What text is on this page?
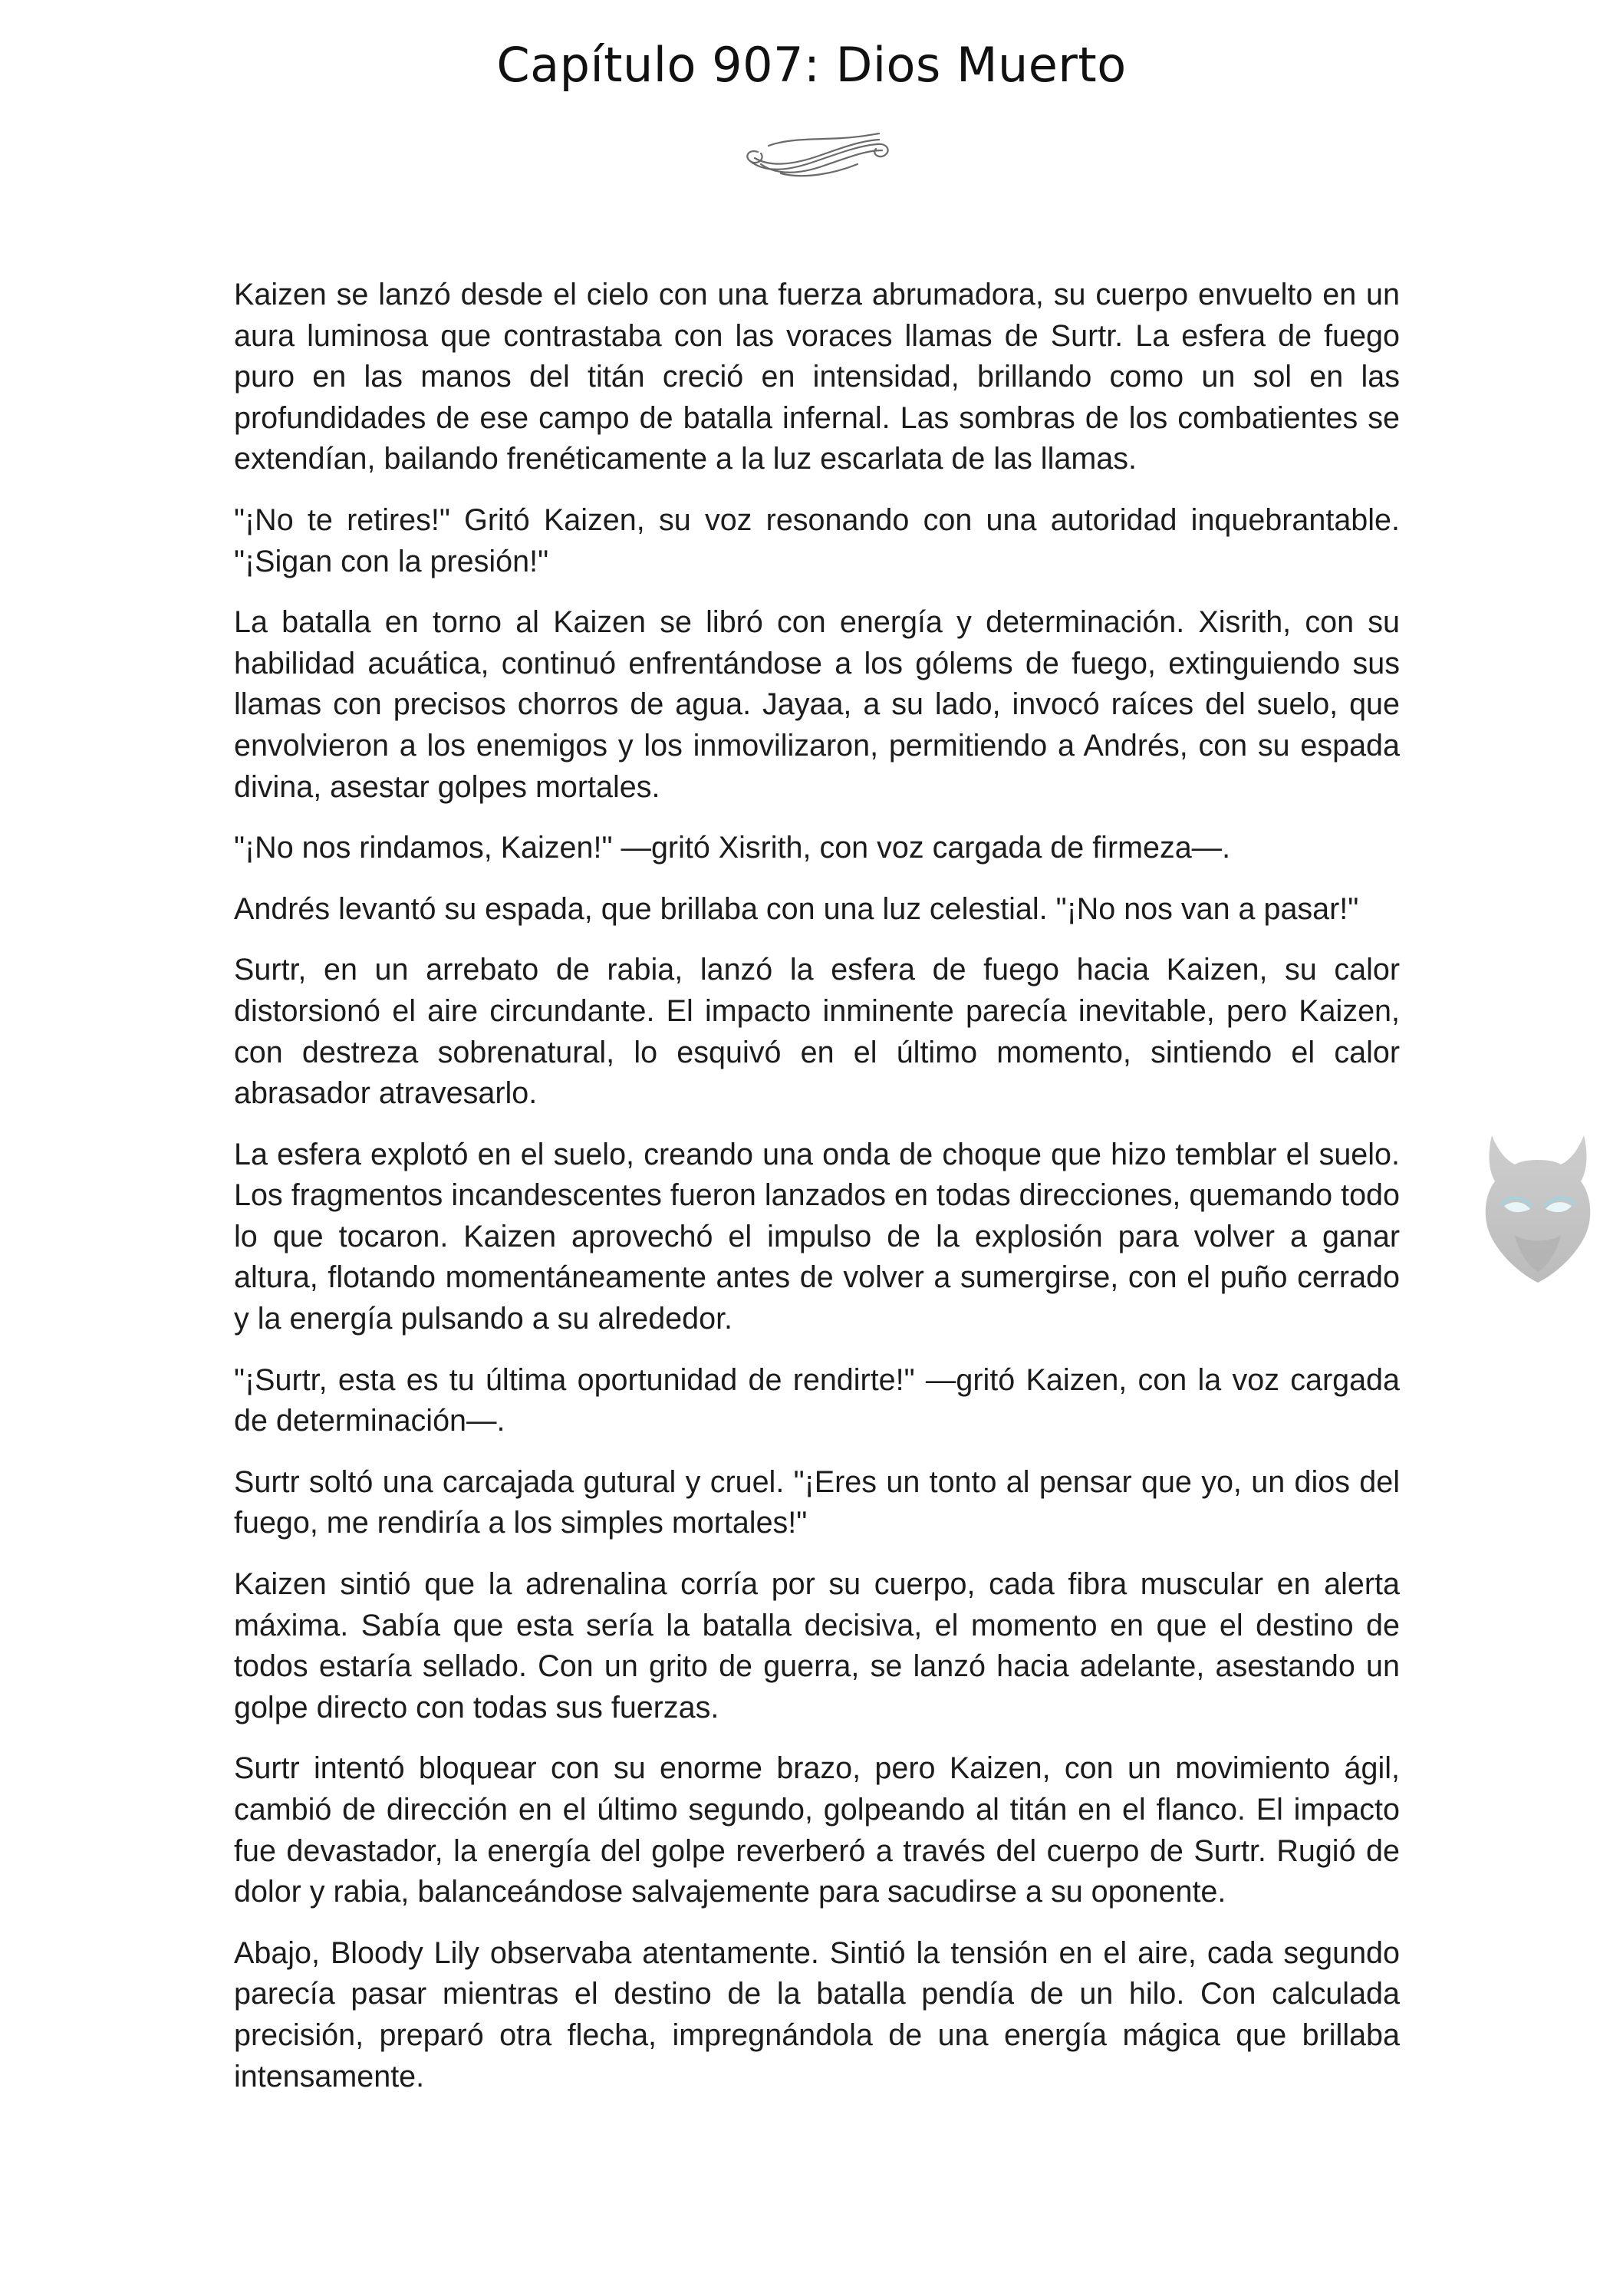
Capítulo 907: Dios Muerto

Kaizen se lanzó desde el cielo con una fuerza abrumadora, su cuerpo envuelto en un aura luminosa que contrastaba con las voraces llamas de Surtr. La esfera de fuego puro en las manos del titán creció en intensidad, brillando como un sol en las profundidades de ese campo de batalla infernal. Las sombras de los combatientes se extendían, bailando frenéticamente a la luz escarlata de las llamas.

"¡No te retires!" Gritó Kaizen, su voz resonando con una autoridad inquebrantable. "¡Sigan con la presión!"

La batalla en torno al Kaizen se libró con energía y determinación. Xisrith, con su habilidad acuática, continuó enfrentándose a los gólems de fuego, extinguiendo sus llamas con precisos chorros de agua. Jayaa, a su lado, invocó raíces del suelo, que envolvieron a los enemigos y los inmovilizaron, permitiendo a Andrés, con su espada divina, asestar golpes mortales.

"¡No nos rindamos, Kaizen!" —gritó Xisrith, con voz cargada de firmeza—.

Andrés levantó su espada, que brillaba con una luz celestial. "¡No nos van a pasar!"

Surtr, en un arrebato de rabia, lanzó la esfera de fuego hacia Kaizen, su calor distorsionó el aire circundante. El impacto inminente parecía inevitable, pero Kaizen, con destreza sobrenatural, lo esquivó en el último momento, sintiendo el calor abrasador atravesarlo.

La esfera explotó en el suelo, creando una onda de choque que hizo temblar el suelo. Los fragmentos incandescentes fueron lanzados en todas direcciones, quemando todo lo que tocaron. Kaizen aprovechó el impulso de la explosión para volver a ganar altura, flotando momentáneamente antes de volver a sumergirse, con el puño cerrado y la energía pulsando a su alrededor.

"¡Surtr, esta es tu última oportunidad de rendirte!" —gritó Kaizen, con la voz cargada de determinación—.

Surtr soltó una carcajada gutural y cruel. "¡Eres un tonto al pensar que yo, un dios del fuego, me rendiría a los simples mortales!"

Kaizen sintió que la adrenalina corría por su cuerpo, cada fibra muscular en alerta máxima. Sabía que esta sería la batalla decisiva, el momento en que el destino de todos estaría sellado. Con un grito de guerra, se lanzó hacia adelante, asestando un golpe directo con todas sus fuerzas.

Surtr intentó bloquear con su enorme brazo, pero Kaizen, con un movimiento ágil, cambió de dirección en el último segundo, golpeando al titán en el flanco. El impacto fue devastador, la energía del golpe reverberó a través del cuerpo de Surtr. Rugió de dolor y rabia, balanceándose salvajemente para sacudirse a su oponente.

Abajo, Bloody Lily observaba atentamente. Sintió la tensión en el aire, cada segundo parecía pasar mientras el destino de la batalla pendía de un hilo. Con calculada precisión, preparó otra flecha, impregnándola de una energía mágica que brillaba intensamente.
